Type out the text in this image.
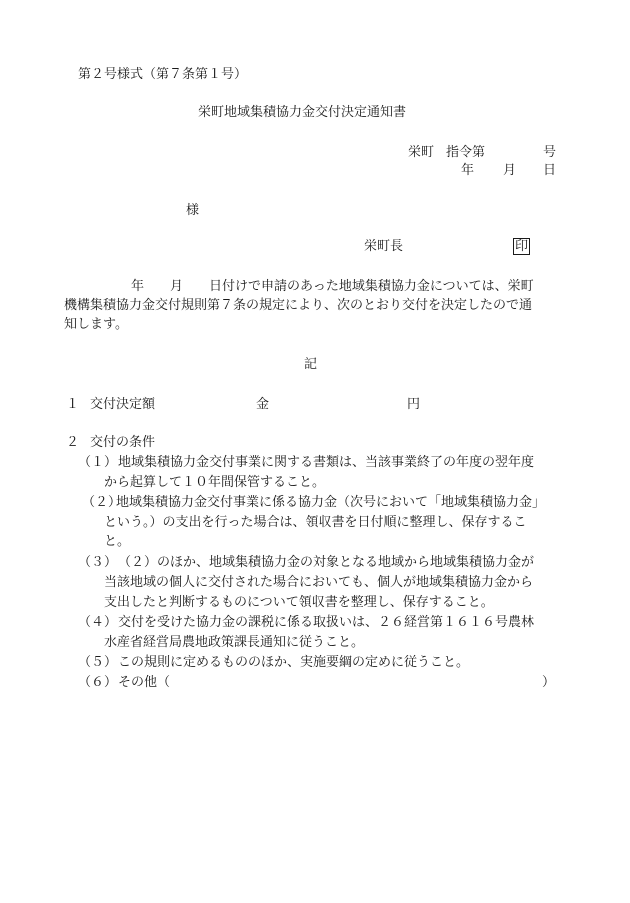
第２号様式（第７条第１号）
栄町地域集積協力金交付決定通知書
栄町 指令第	号
年 月 日
様
栄町長	印
年　　月　　日付けで申請のあった地域集積協力金については、栄町
機構集積協力金交付規則第７条の規定により、次のとおり交付を決定したので通
知します。
記
１ 交付決定額	金	円
２ 交付の条件
（１） 地域集積協力金交付事業に関する書類は、当該事業終了の年度の翌年度
から起算して１０年間保管すること。
（２）
地域集積協力金交付事業に係る協力金（次号において「地域集積協力金」
という。）の支出を行った場合は、領収書を日付順に整理し、保存するこ
と。
（３） （２）のほか、地域集積協力金の対象となる地域から地域集積協力金が
当該地域の個人に交付された場合においても、個人が地域集積協力金から
支出したと判断するものについて領収書を整理し、保存すること。
（４） 交付を受けた協力金の課税に係る取扱いは、２６経営第１６１６号農林
水産省経営局農地政策課長通知に従うこと。
（５） この規則に定めるもののほか、実施要綱の定めに従うこと。
（６） その他（	）
